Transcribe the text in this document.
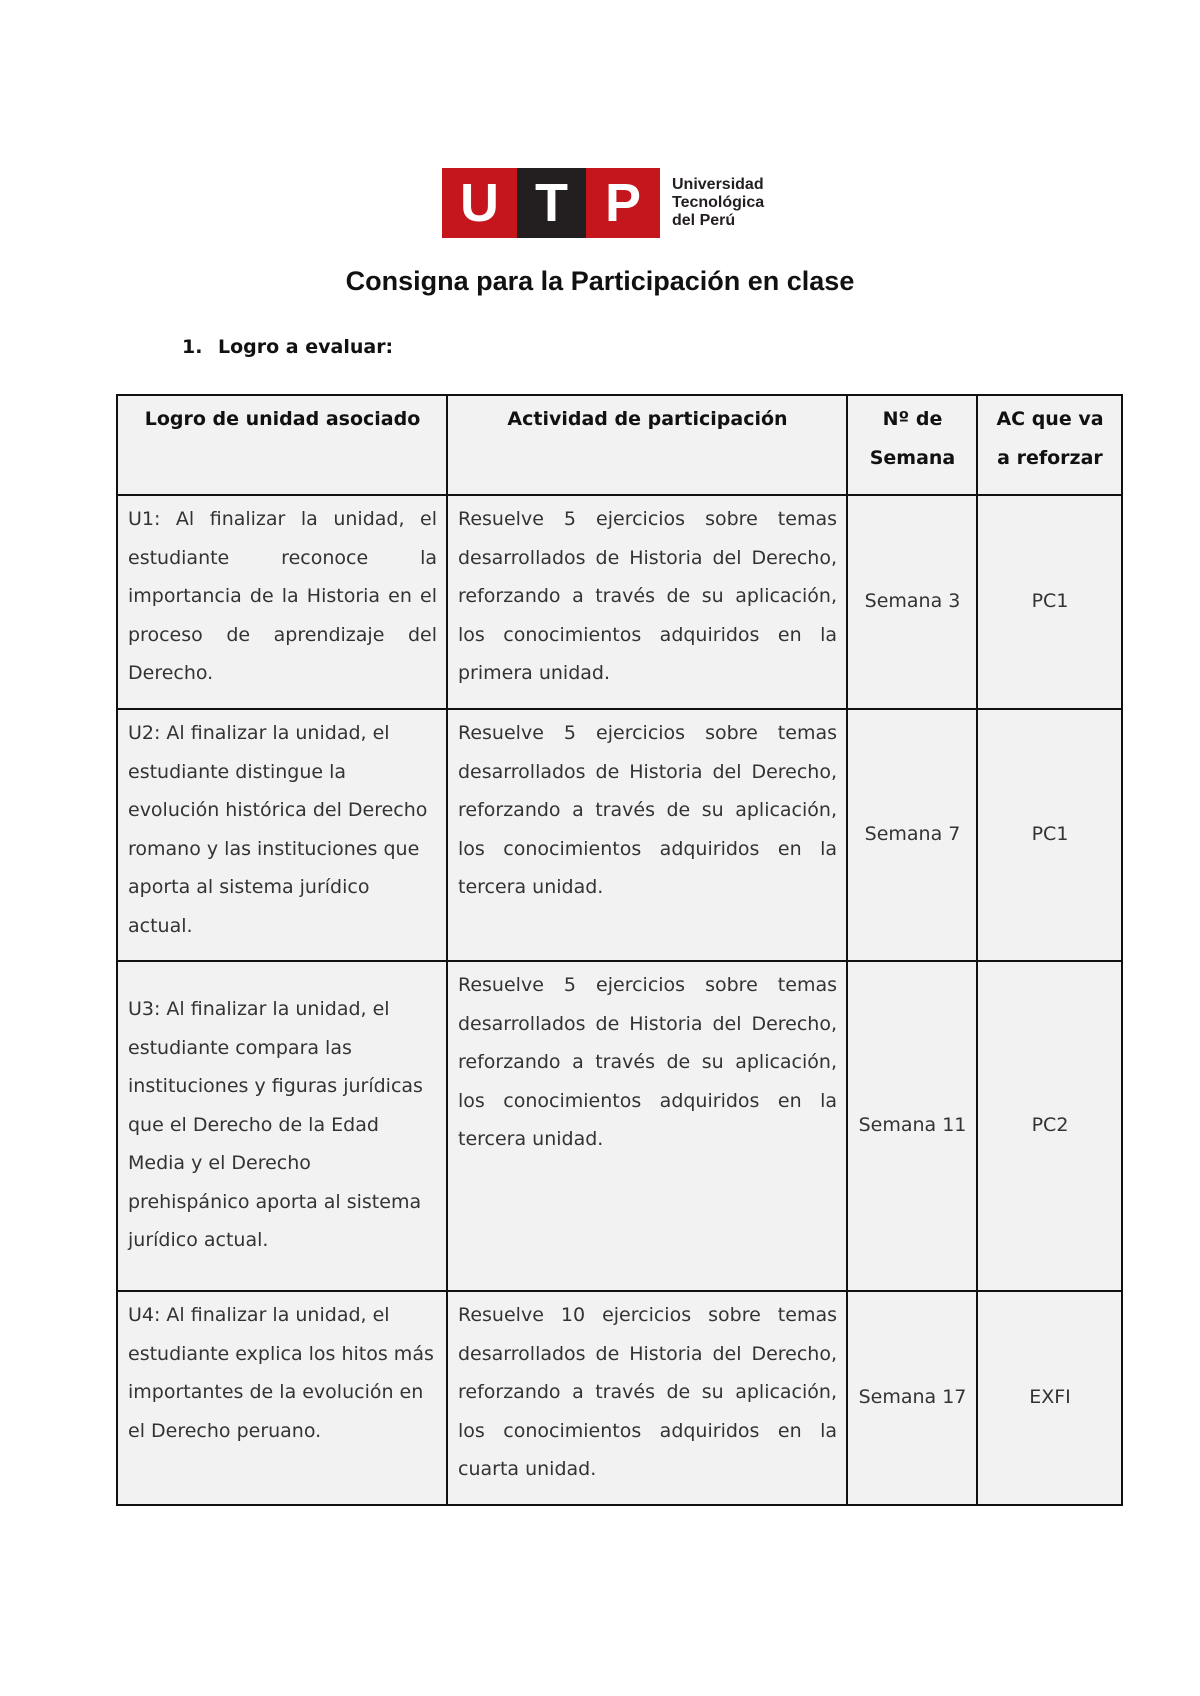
U T P	Universidad
Tecnológica
del Perú
Consigna para la Participación en clase
1. Logro a evaluar:
Logro de unidad asociado	Actividad de participación	Nº de Semana	AC que va a reforzar
U1: Al finalizar la unidad, el estudiante reconoce la importancia de la Historia en el proceso de aprendizaje del Derecho.	Resuelve 5 ejercicios sobre temas desarrollados de Historia del Derecho, reforzando a través de su aplicación, los conocimientos adquiridos en la primera unidad.	Semana 3	PC1
U2: Al finalizar la unidad, el estudiante distingue la evolución histórica del Derecho romano y las instituciones que aporta al sistema jurídico actual.	Resuelve 5 ejercicios sobre temas desarrollados de Historia del Derecho, reforzando a través de su aplicación, los conocimientos adquiridos en la tercera unidad.	Semana 7	PC1
U3: Al finalizar la unidad, el estudiante compara las instituciones y figuras jurídicas que el Derecho de la Edad Media y el Derecho prehispánico aporta al sistema jurídico actual.	Resuelve 5 ejercicios sobre temas desarrollados de Historia del Derecho, reforzando a través de su aplicación, los conocimientos adquiridos en la tercera unidad.	Semana 11	PC2
U4: Al finalizar la unidad, el estudiante explica los hitos más importantes de la evolución en el Derecho peruano.	Resuelve 10 ejercicios sobre temas desarrollados de Historia del Derecho, reforzando a través de su aplicación, los conocimientos adquiridos en la cuarta unidad.	Semana 17	EXFI
